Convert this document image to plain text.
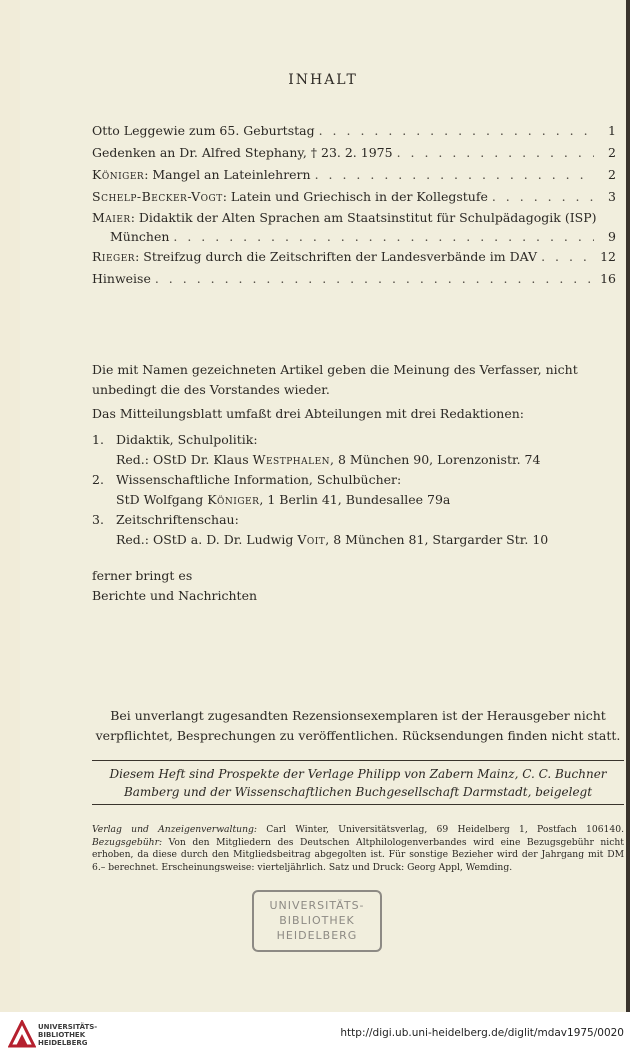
INHALT
Otto Leggewie zum 65. Geburtstag . . .	1
Gedenken an Dr. Alfred Stephany, † 23. 2. 1975 . . .	2
Königer: Mangel an Lateinlehrern . . .	2
Schelp-Becker-Vogt: Latein und Griechisch in der Kollegstufe . . .	3
Maier: Didaktik der Alten Sprachen am Staatsinstitut für Schulpädagogik (ISP)
München . . .	9
Rieger: Streifzug durch die Zeitschriften der Landesverbände im DAV . . .	12
Hinweise . . .	16
Die mit Namen gezeichneten Artikel geben die Meinung des Verfasser, nicht unbedingt die des Vorstandes wieder.
Das Mitteilungsblatt umfaßt drei Abteilungen mit drei Redaktionen:
1. Didaktik, Schulpolitik:
Red.: OStD Dr. Klaus Westphalen, 8 München 90, Lorenzonistr. 74
2. Wissenschaftliche Information, Schulbücher:
StD Wolfgang Königer, 1 Berlin 41, Bundesallee 79a
3. Zeitschriftenschau:
Red.: OStD a. D. Dr. Ludwig Voit, 8 München 81, Stargarder Str. 10
ferner bringt es
Berichte und Nachrichten
Bei unverlangt zugesandten Rezensionsexemplaren ist der Herausgeber nicht verpflichtet, Besprechungen zu veröffentlichen. Rücksendungen finden nicht statt.
Diesem Heft sind Prospekte der Verlage Philipp von Zabern Mainz, C. C. Buchner Bamberg und der Wissenschaftlichen Buchgesellschaft Darmstadt, beigelegt
Verlag und Anzeigenverwaltung: Carl Winter, Universitätsverlag, 69 Heidelberg 1, Postfach 106140. Bezugsgebühr: Von den Mitgliedern des Deutschen Altphilologenverbandes wird eine Bezugsgebühr nicht erhoben, da diese durch den Mitgliedsbeitrag abgegolten ist. Für sonstige Bezieher wird der Jahrgang mit DM 6.– berechnet. Erscheinungsweise: vierteljährlich. Satz und Druck: Georg Appl, Wemding.
UNIVERSITÄTS-
BIBLIOTHEK
HEIDELBERG
UNIVERSITÄTS-
BIBLIOTHEK
HEIDELBERG
http://digi.ub.uni-heidelberg.de/diglit/mdav1975/0020
